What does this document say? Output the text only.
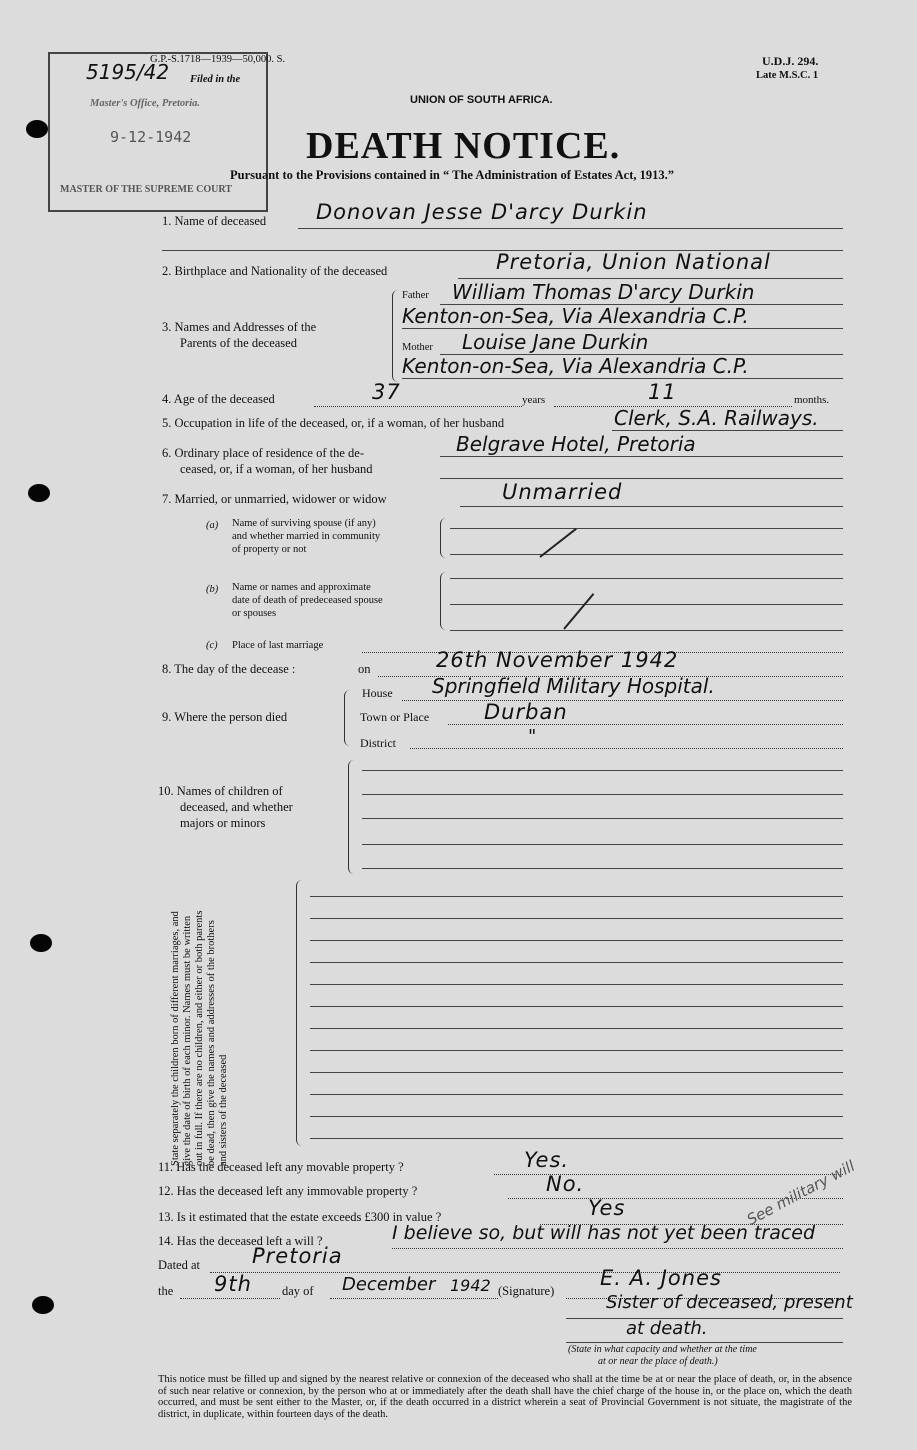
5195/42 Filed in the
Master's Office, Pretoria.
9-12-1942
MASTER OF THE SUPREME COURT
G.P.-S.1718—1939—50,000. S.	U.D.J. 294.
Late M.S.C. 1
UNION OF SOUTH AFRICA.
DEATH NOTICE.
Pursuant to the Provisions contained in “ The Administration of Estates Act, 1913.”
1. Name of deceased Donovan Jesse D'arcy Durkin
2. Birthplace and Nationality of the deceased	Pretoria, Union National
3. Names and Addresses of the
Parents of the deceased
Father William Thomas D'arcy Durkin
Kenton-on-Sea, Via Alexandria C.P.
Mother Louise Jane Durkin
Kenton-on-Sea, Via Alexandria C.P.
4. Age of the deceased	37	years	11	months.
5. Occupation in life of the deceased, or, if a woman, of her husband	Clerk, S.A. Railways.
6. Ordinary place of residence of the de-
ceased, or, if a woman, of her husband
Belgrave Hotel, Pretoria
7. Married, or unmarried, widower or widow	Unmarried
(a) Name of surviving spouse (if any)
and whether married in community
of property or not
(b) Name or names and approximate
date of death of predeceased spouse
or spouses
(c) Place of last marriage
8. The day of the decease :	on	26th November 1942
9. Where the person died
House Springfield Military Hospital.
Town or Place	Durban
District	"
10. Names of children of
deceased, and whether
majors or minors
State separately the children born of different marriages, and give the date of birth of each minor. Names must be written out in full. If there are no children, and either or both parents be dead, then give the names and addresses of the brothers and sisters of the deceased
11. Has the deceased left any movable property ?	Yes.
12. Has the deceased left any immovable property ?	No.
13. Is it estimated that the estate exceeds £300 in value ?	Yes
14. Has the deceased left a will ?	I believe so, but will has not yet been traced
See military will
Dated at Pretoria
the 9th day of December 1942 (Signature)
E. A. Jones
Sister of deceased, present
at death.
(State in what capacity and whether at the time
at or near the place of death.)
This notice must be filled up and signed by the nearest relative or connexion of the deceased who shall at the time be at or near the place of death, or, in the absence of such near relative or connexion, by the person who at or immediately after the death shall have the chief charge of the house in, or the place on, which the death occurred, and must be sent either to the Master, or, if the death occurred in a district wherein a seat of Provincial Government is not situate, the magistrate of the district, in duplicate, within fourteen days of the death.
